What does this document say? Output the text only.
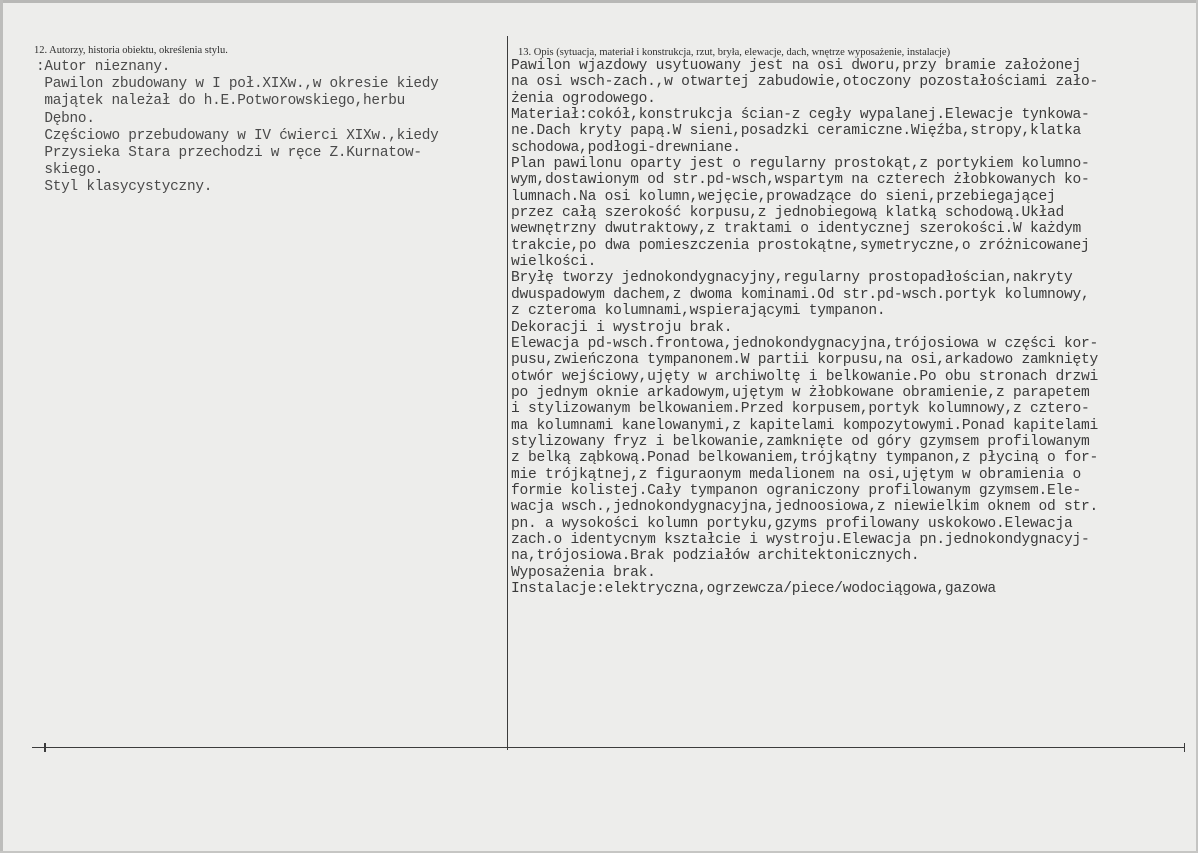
12. Autorzy, historia obiektu, określenia stylu.	13. Opis (sytuacja, materiał i konstrukcja, rzut, bryła, elewacje, dach, wnętrze wyposażenie, instalacje)
:Autor nieznany.
Pawilon zbudowany w I poł.XIXw.,w okresie kiedy
majątek należał do h.E.Potworowskiego,herbu
Dębno.
Częściowo przebudowany w IV ćwierci XIXw.,kiedy
Przysieka Stara przechodzi w ręce Z.Kurnatow-
skiego.
Styl klasycystyczny.
Pawilon wjazdowy usytuowany jest na osi dworu,przy bramie założonej
na osi wsch-zach.,w otwartej zabudowie,otoczony pozostałościami zało-
żenia ogrodowego.
Materiał:cokół,konstrukcja ścian-z cegły wypalanej.Elewacje tynkowa-
ne.Dach kryty papą.W sieni,posadzki ceramiczne.Więźba,stropy,klatka
schodowa,podłogi-drewniane.
Plan pawilonu oparty jest o regularny prostokąt,z portykiem kolumno-
wym,dostawionym od str.pd-wsch,wspartym na czterech żłobkowanych ko-
lumnach.Na osi kolumn,wejęcie,prowadzące do sieni,przebiegającej
przez całą szerokość korpusu,z jednobiegową klatką schodową.Układ
wewnętrzny dwutraktowy,z traktami o identycznej szerokości.W każdym
trakcie,po dwa pomieszczenia prostokątne,symetryczne,o zróżnicowanej
wielkości.
Bryłę tworzy jednokondygnacyjny,regularny prostopadłościan,nakryty
dwuspadowym dachem,z dwoma kominami.Od str.pd-wsch.portyk kolumnowy,
z czteroma kolumnami,wspierającymi tympanon.
Dekoracji i wystroju brak.
Elewacja pd-wsch.frontowa,jednokondygnacyjna,trójosiowa w części kor-
pusu,zwieńczona tympanonem.W partii korpusu,na osi,arkadowo zamknięty
otwór wejściowy,ujęty w archiwoltę i belkowanie.Po obu stronach drzwi
po jednym oknie arkadowym,ujętym w żłobkowane obramienie,z parapetem
i stylizowanym belkowaniem.Przed korpusem,portyk kolumnowy,z cztero-
ma kolumnami kanelowanymi,z kapitelami kompozytowymi.Ponad kapitelami
stylizowany fryz i belkowanie,zamknięte od góry gzymsem profilowanym
z belką ząbkową.Ponad belkowaniem,trójkątny tympanon,z płyciną o for-
mie trójkątnej,z figuraonym medalionem na osi,ujętym w obramienia o
formie kolistej.Cały tympanon ograniczony profilowanym gzymsem.Ele-
wacja wsch.,jednokondygnacyjna,jednoosiowa,z niewielkim oknem od str.
pn. a wysokości kolumn portyku,gzyms profilowany uskokowo.Elewacja
zach.o identycnym kształcie i wystroju.Elewacja pn.jednokondygnacyj-
na,trójosiowa.Brak podziałów architektonicznych.
Wyposażenia brak.
Instalacje:elektryczna,ogrzewcza/piece/wodociągowa,gazowa
